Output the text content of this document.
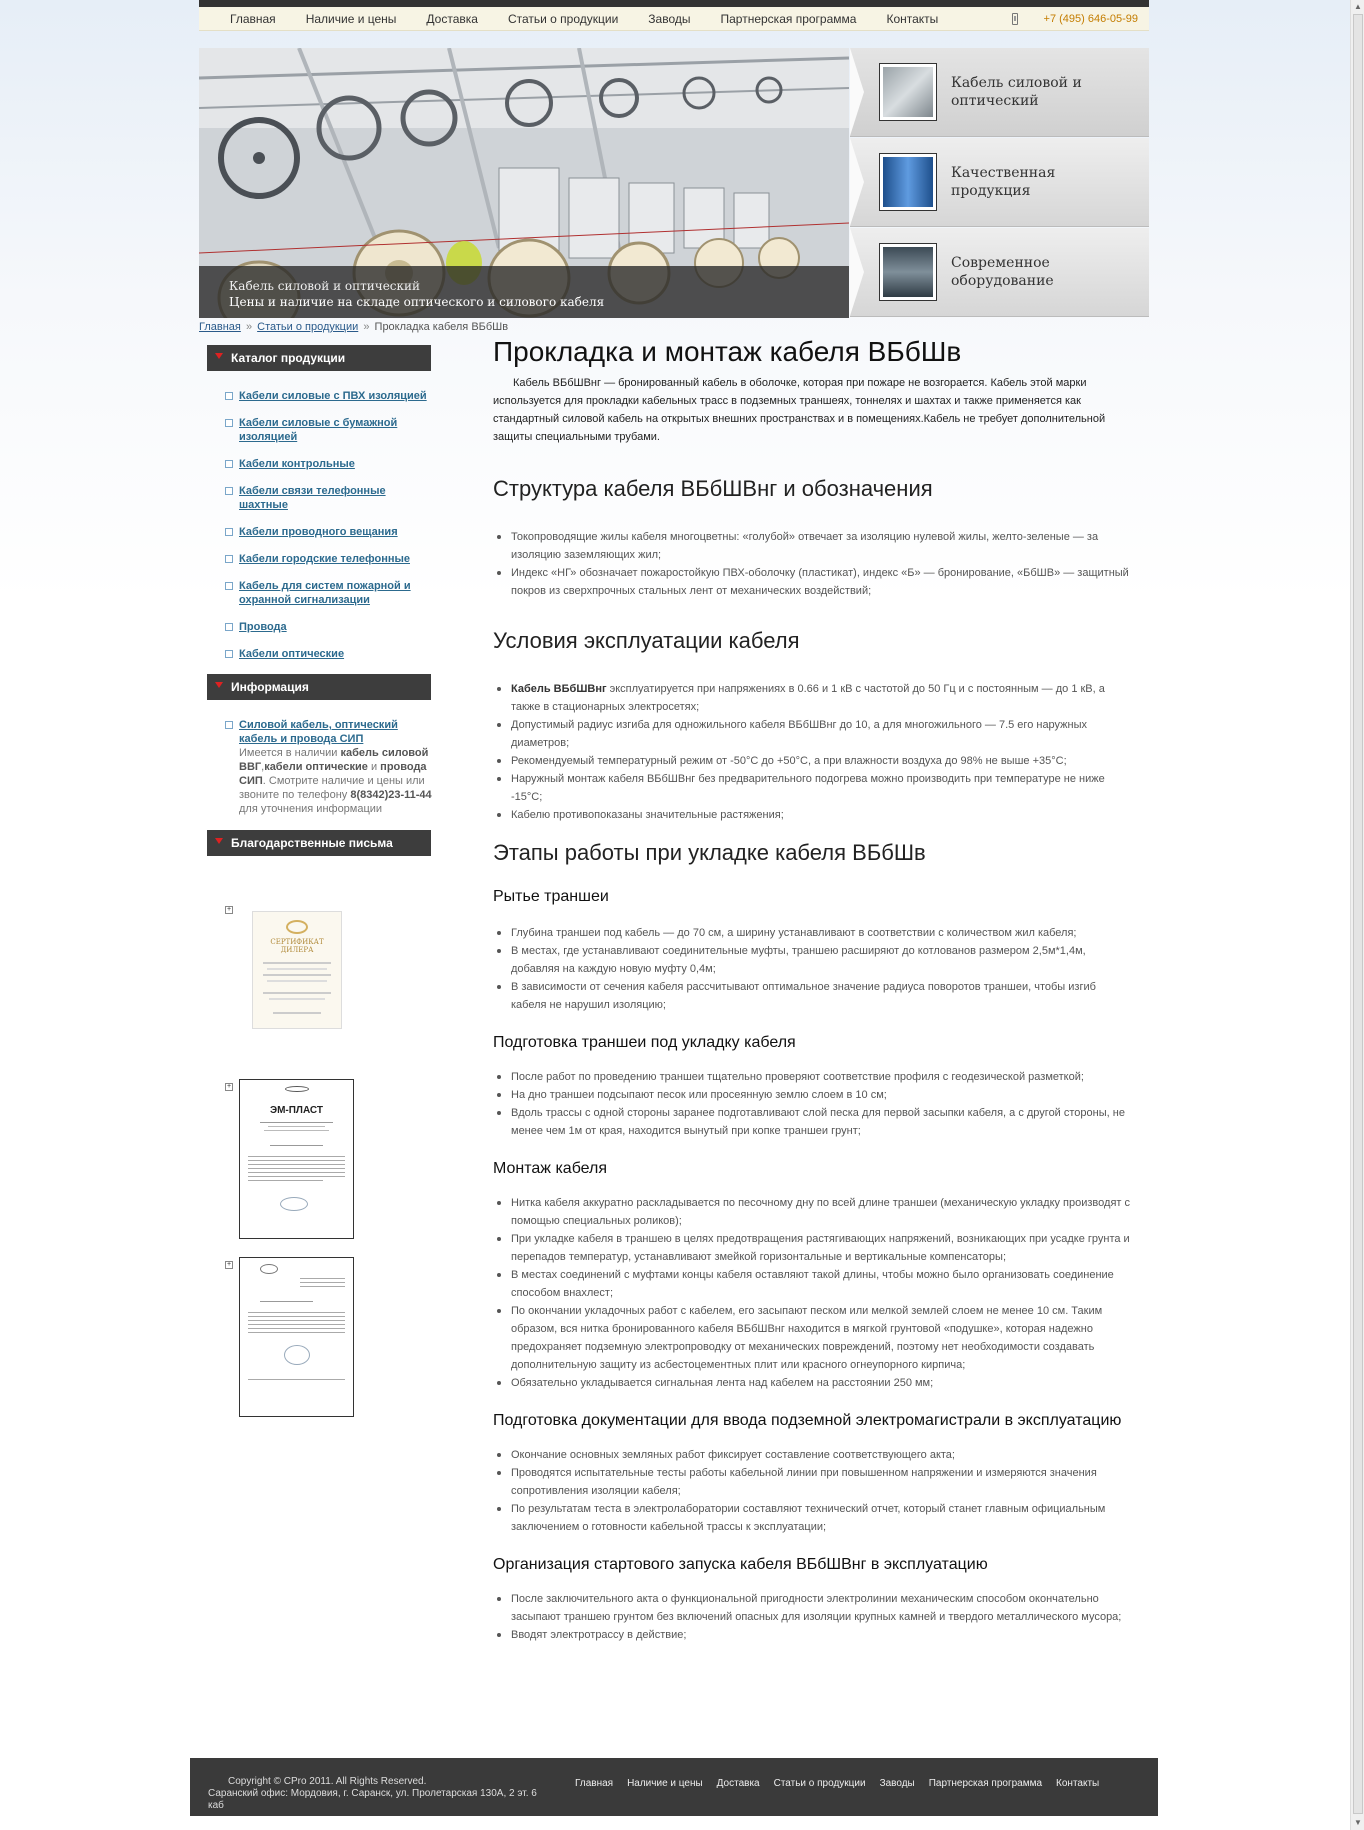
Главная	Наличие и цены	Доставка	Статьи о продукции	Заводы	Партнерская программа	Контакты	+7 (495) 646-05-99
Кабель силовой и оптический
Цены и наличие на складе оптического и силового кабеля
Кабель силовой и оптический
Качественная продукция
Современное оборудование
Главная » Статьи о продукции » Прокладка кабеля ВБбШв
Каталог продукции
Кабели силовые с ПВХ изоляцией
Кабели силовые с бумажной изоляцией
Кабели контрольные
Кабели связи телефонные шахтные
Кабели проводного вещания
Кабели городские телефонные
Кабель для систем пожарной и охранной сигнализации
Провода
Кабели оптические
Информация
Силовой кабель, оптический кабель и провода СИП
Имеется в наличии кабель силовой ВВГ,кабели оптические и провода СИП. Смотрите наличие и цены или звоните по телефону 8(8342)23-11-44 для уточнения информации
Благодарственные письма
+
СЕРТИФИКАТ ДИЛЕРА
+

ЭМ-ПЛАСТ
+
Прокладка и монтаж кабеля ВБбШв

Кабель ВБбШВнг — бронированный кабель в оболочке, которая при пожаре не возгорается. Кабель этой марки используется для прокладки кабельных трасс в подземных траншеях, тоннелях и шахтах и также применяется как стандартный силовой кабель на открытых внешних пространствах и в помещениях.Кабель не требует дополнительной защиты специальными трубами.

Структура кабеля ВБбШВнг и обозначения
Токопроводящие жилы кабеля многоцветны: «голубой» отвечает за изоляцию нулевой жилы, желто-зеленые — за изоляцию заземляющих жил;
Индекс «НГ» обозначает пожаростойкую ПВХ-оболочку (пластикат), индекс «Б» — бронирование, «БбШВ» — защитный покров из сверхпрочных стальных лент от механических воздействий;
Условия эксплуатации кабеля
Кабель ВБбШВнг эксплуатируется при напряжениях в 0.66 и 1 кВ с частотой до 50 Гц и с постоянным — до 1 кВ, а также в стационарных электросетях;
Допустимый радиус изгиба для одножильного кабеля ВБбШВнг до 10, а для многожильного — 7.5 его наружных диаметров;
Рекомендуемый температурный режим от -50°С до +50°С, а при влажности воздуха до 98% не выше +35°С;
Наружный монтаж кабеля ВБбШВнг без предварительного подогрева можно производить при температуре не ниже -15°С;
Кабелю противопоказаны значительные растяжения;
Этапы работы при укладке кабеля ВБбШв
Рытье траншеи
Глубина траншеи под кабель — до 70 см, а ширину устанавливают в соответствии с количеством жил кабеля;
В местах, где устанавливают соединительные муфты, траншею расширяют до котлованов размером 2,5м*1,4м, добавляя на каждую новую муфту 0,4м;
В зависимости от сечения кабеля рассчитывают оптимальное значение радиуса поворотов траншеи, чтобы изгиб кабеля не нарушил изоляцию;
Подготовка траншеи под укладку кабеля
После работ по проведению траншеи тщательно проверяют соответствие профиля с геодезической разметкой;
На дно траншеи подсыпают песок или просеянную землю слоем в 10 см;
Вдоль трассы с одной стороны заранее подготавливают слой песка для первой засыпки кабеля, а с другой стороны, не менее чем 1м от края, находится вынутый при копке траншеи грунт;
Монтаж кабеля
Нитка кабеля аккуратно раскладывается по песочному дну по всей длине траншеи (механическую укладку производят с помощью специальных роликов);
При укладке кабеля в траншею в целях предотвращения растягивающих напряжений, возникающих при усадке грунта и перепадов температур, устанавливают змейкой горизонтальные и вертикальные компенсаторы;
В местах соединений с муфтами концы кабеля оставляют такой длины, чтобы можно было организовать соединение способом внахлест;
По окончании укладочных работ с кабелем, его засыпают песком или мелкой землей слоем не менее 10 см. Таким образом, вся нитка бронированного кабеля ВБбШВнг находится в мягкой грунтовой «подушке», которая надежно предохраняет подземную электропроводку от механических повреждений, поэтому нет необходимости создавать дополнительную защиту из асбестоцементных плит или красного огнеупорного кирпича;
Обязательно укладывается сигнальная лента над кабелем на расстоянии 250 мм;
Подготовка документации для ввода подземной электромагистрали в эксплуатацию
Окончание основных земляных работ фиксирует составление соответствующего акта;
Проводятся испытательные тесты работы кабельной линии при повышенном напряжении и измеряются значения сопротивления изоляции кабеля;
По результатам теста в электролаборатории составляют технический отчет, который станет главным официальным заключением о готовности кабельной трассы к эксплуатации;
Организация стартового запуска кабеля ВБбШВнг в эксплуатацию
После заключительного акта о функциональной пригодности электролинии механическим способом окончательно засыпают траншею грунтом без включений опасных для изоляции крупных камней и твердого металлического мусора;
Вводят электротрассу в действие;
Copyright © CPro 2011. All Rights Reserved.
Саранский офис: Мордовия, г. Саранск, ул. Пролетарская 130А, 2 эт. 6 каб
Главная Наличие и цены Доставка Статьи о продукции Заводы Партнерская программа Контакты
▲
▼
